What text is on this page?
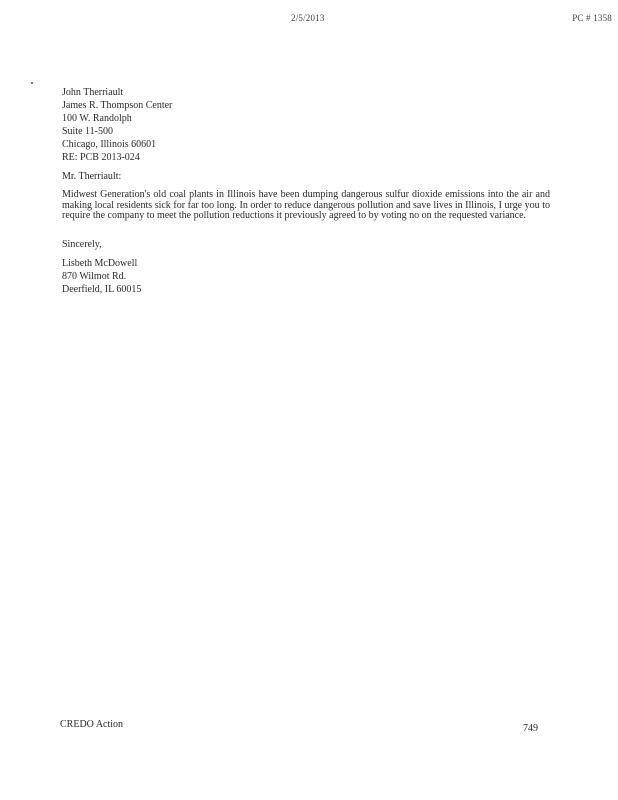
2/5/2013	PC # 1358
John Therriault
James R. Thompson Center
100 W. Randolph
Suite 11-500
Chicago, Illinois 60601
RE: PCB 2013-024
Mr. Therriault:
Midwest Generation's old coal plants in Illinois have been dumping dangerous sulfur dioxide emissions into the air and making local residents sick for far too long. In order to reduce dangerous pollution and save lives in Illinois, I urge you to require the company to meet the pollution reductions it previously agreed to by voting no on the requested variance.
Sincerely,
Lisbeth McDowell
870 Wilmot Rd.
Deerfield, IL 60015
CREDO Action	749
